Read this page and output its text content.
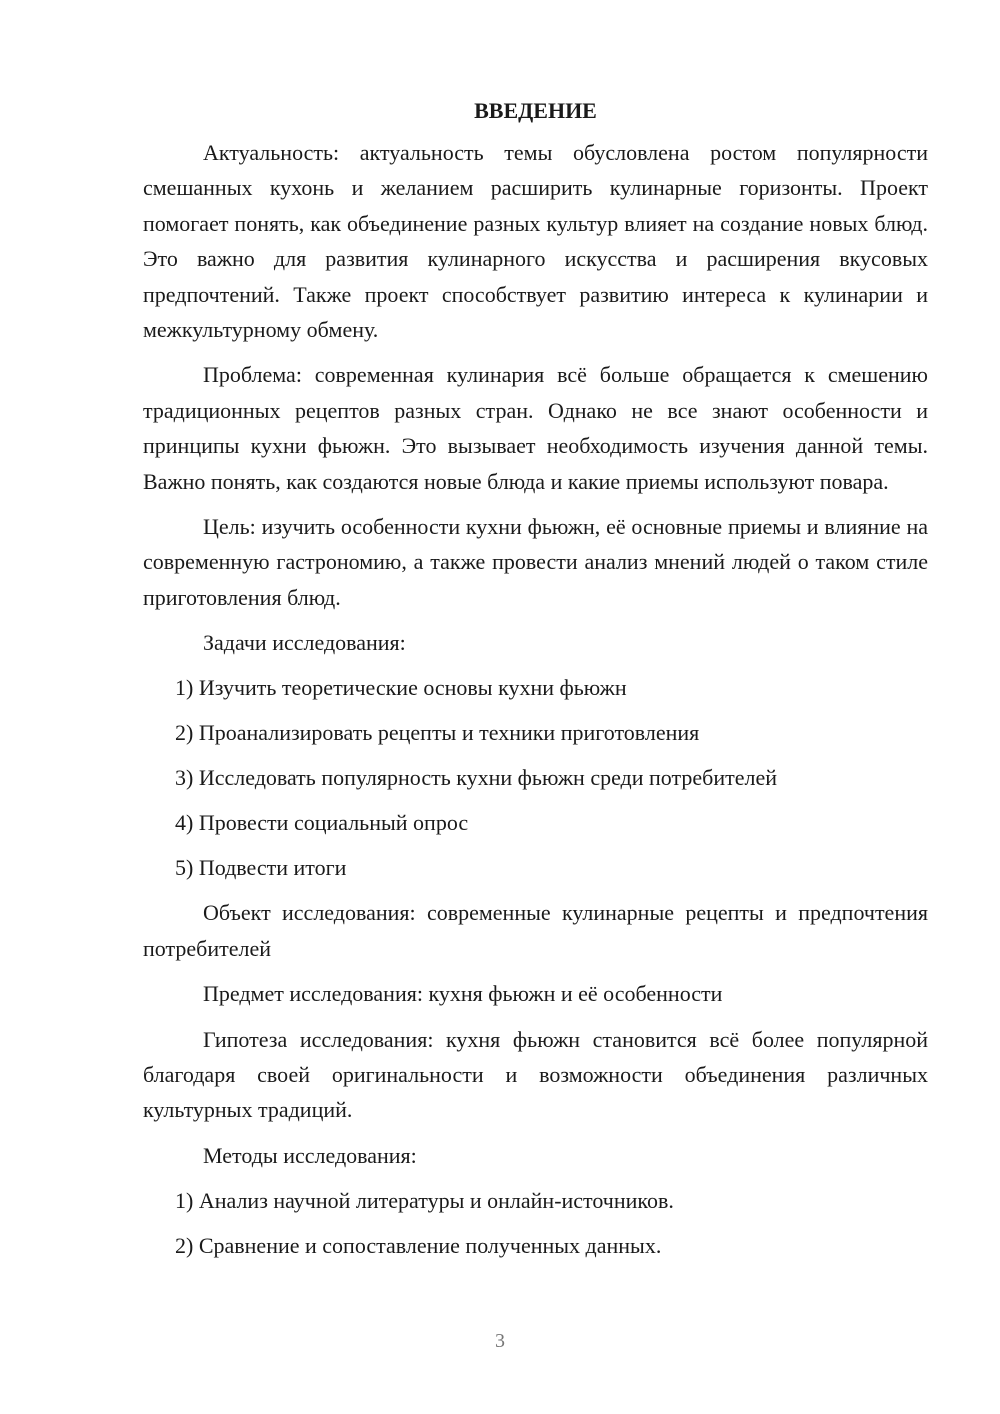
ВВЕДЕНИЕ

Актуальность: актуальность темы обусловлена ростом популярности смешанных кухонь и желанием расширить кулинарные горизонты. Проект помогает понять, как объединение разных культур влияет на создание новых блюд. Это важно для развития кулинарного искусства и расширения вкусовых предпочтений. Также проект способствует развитию интереса к кулинарии и межкультурному обмену.

Проблема: современная кулинария всё больше обращается к смешению традиционных рецептов разных стран. Однако не все знают особенности и принципы кухни фьюжн. Это вызывает необходимость изучения данной темы. Важно понять, как создаются новые блюда и какие приемы используют повара.

Цель: изучить особенности кухни фьюжн, её основные приемы и влияние на современную гастрономию, а также провести анализ мнений людей о таком стиле приготовления блюд.

Задачи исследования:
1) Изучить теоретические основы кухни фьюжн
2) Проанализировать рецепты и техники приготовления
3) Исследовать популярность кухни фьюжн среди потребителей
4) Провести социальный опрос
5) Подвести итоги

Объект исследования: современные кулинарные рецепты и предпочтения потребителей

Предмет исследования: кухня фьюжн и её особенности

Гипотеза исследования: кухня фьюжн становится всё более популярной благодаря своей оригинальности и возможности объединения различных культурных традиций.

Методы исследования:
1) Анализ научной литературы и онлайн-источников.
2) Сравнение и сопоставление полученных данных.
3
